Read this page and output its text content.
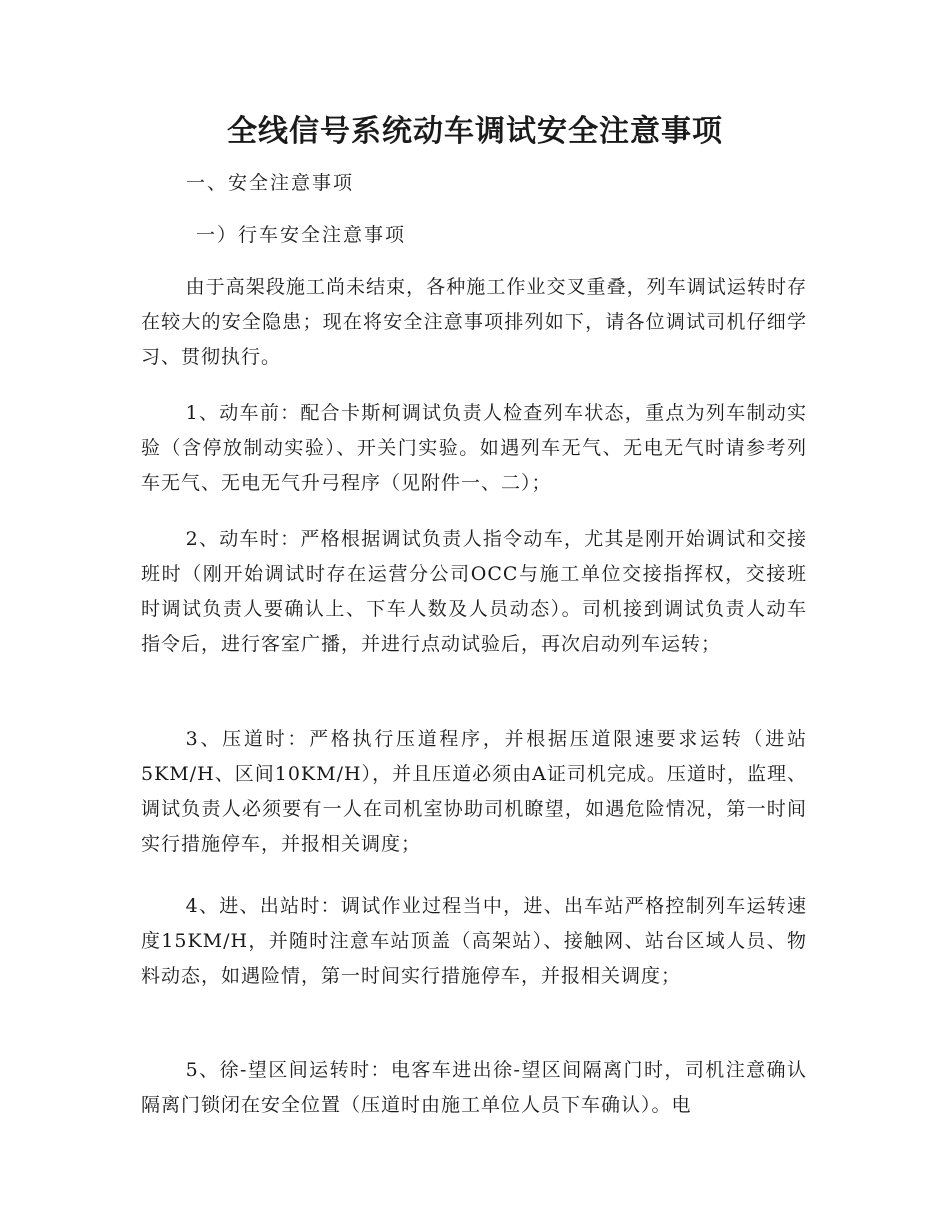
全线信号系统动车调试安全注意事项

一、安全注意事项

一）行车安全注意事项

由于高架段施工尚未结束，各种施工作业交叉重叠，列车调试运转时存在较大的安全隐患；现在将安全注意事项排列如下，请各位调试司机仔细学习、贯彻执行。

1、动车前：配合卡斯柯调试负责人检查列车状态，重点为列车制动实验（含停放制动实验）、开关门实验。如遇列车无气、无电无气时请参考列车无气、无电无气升弓程序（见附件一、二）；

2、动车时：严格根据调试负责人指令动车，尤其是刚开始调试和交接班时（刚开始调试时存在运营分公司OCC与施工单位交接指挥权，交接班时调试负责人要确认上、下车人数及人员动态）。司机接到调试负责人动车指令后，进行客室广播，并进行点动试验后，再次启动列车运转；

3、压道时：严格执行压道程序，并根据压道限速要求运转（进站5KM/H、区间10KM/H），并且压道必须由A证司机完成。压道时，监理、调试负责人必须要有一人在司机室协助司机瞭望，如遇危险情况，第一时间实行措施停车，并报相关调度；

4、进、出站时：调试作业过程当中，进、出车站严格控制列车运转速度15KM/H，并随时注意车站顶盖（高架站）、接触网、站台区域人员、物料动态，如遇险情，第一时间实行措施停车，并报相关调度；

5、徐-望区间运转时：电客车进出徐-望区间隔离门时，司机注意确认隔离门锁闭在安全位置（压道时由施工单位人员下车确认）。电
